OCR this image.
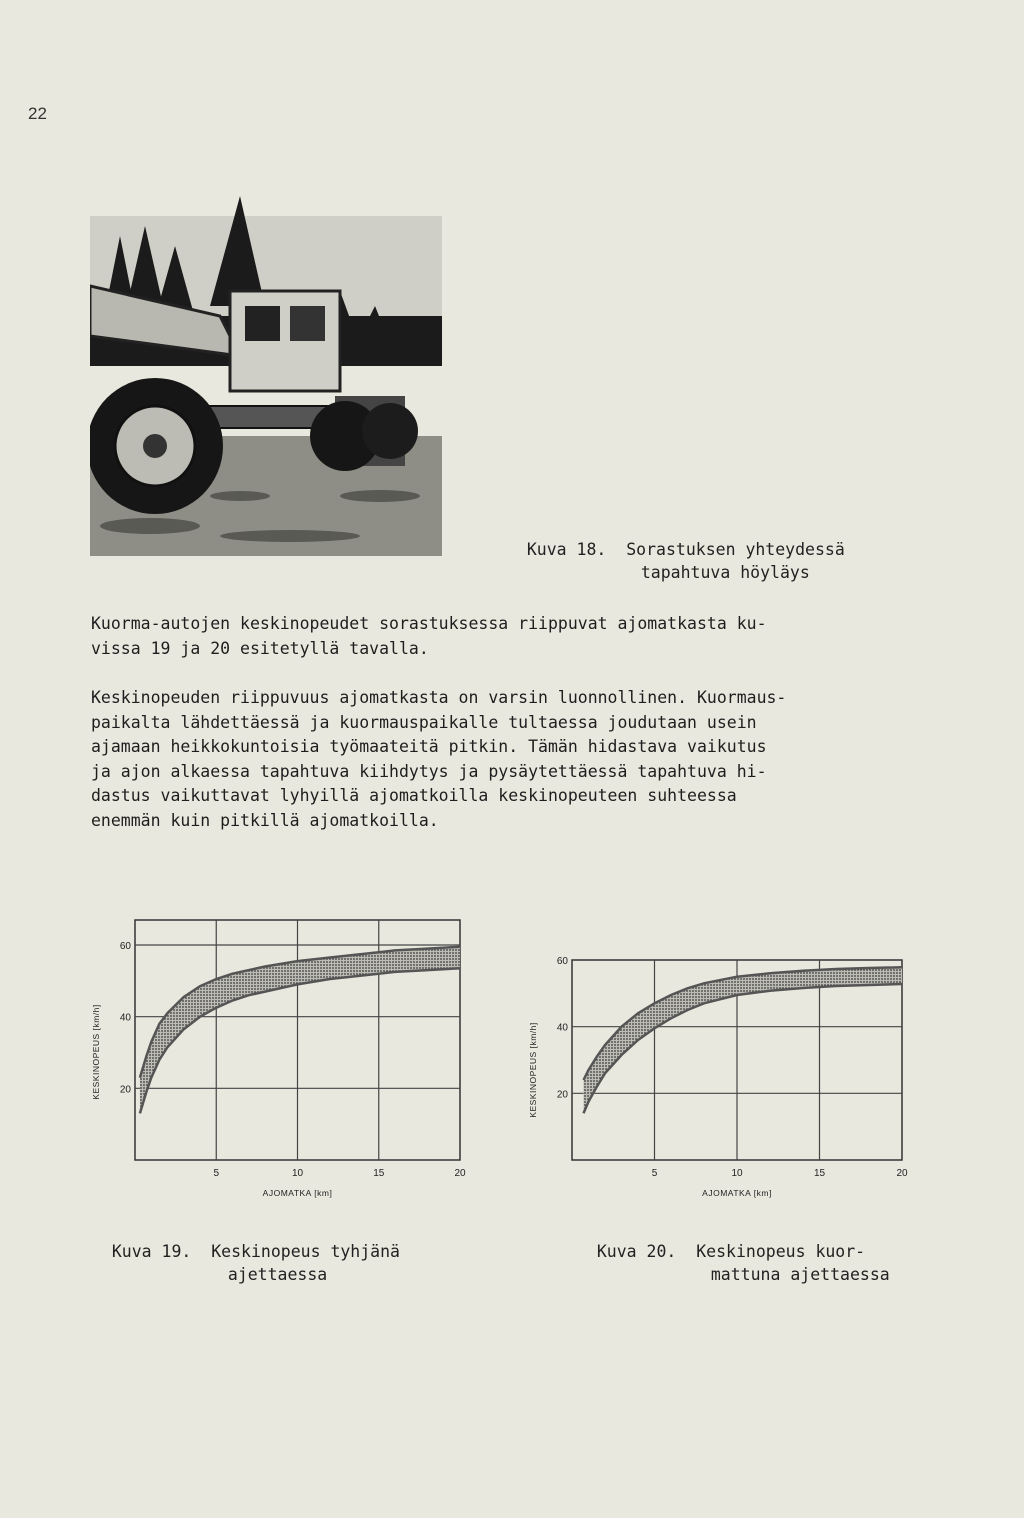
22

Kuva 18. Sorastuksen yhteydessä

tapahtuva höyläys

Kuorma-autojen keskinopeudet sorastuksessa riippuvat ajomatkasta ku-
vissa 19 ja 20 esitetyllä tavalla.
Keskinopeuden riippuvuus ajomatkasta on varsin luonnollinen. Kuormaus-
paikalta lähdettäessä ja kuormauspaikalle tultaessa joudutaan usein
ajamaan heikkokuntoisia työmaateitä pitkin. Tämän hidastava vaikutus
ja ajon alkaessa tapahtuva kiihdytys ja pysäytettäessä tapahtuva hi-
dastus vaikuttavat lyhyillä ajomatkoilla keskinopeuteen suhteessa
enemmän kuin pitkillä ajomatkoilla.
20
40
60
5	10	15	20
AJOMATKA [km]
KESKINOPEUS [km/h]	20
40
60
5	10	15	20
AJOMATKA [km]
KESKINOPEUS [km/h]

Kuva 19. Keskinopeus tyhjänä

ajettaessa

Kuva 20. Keskinopeus kuor-

mattuna ajettaessa
